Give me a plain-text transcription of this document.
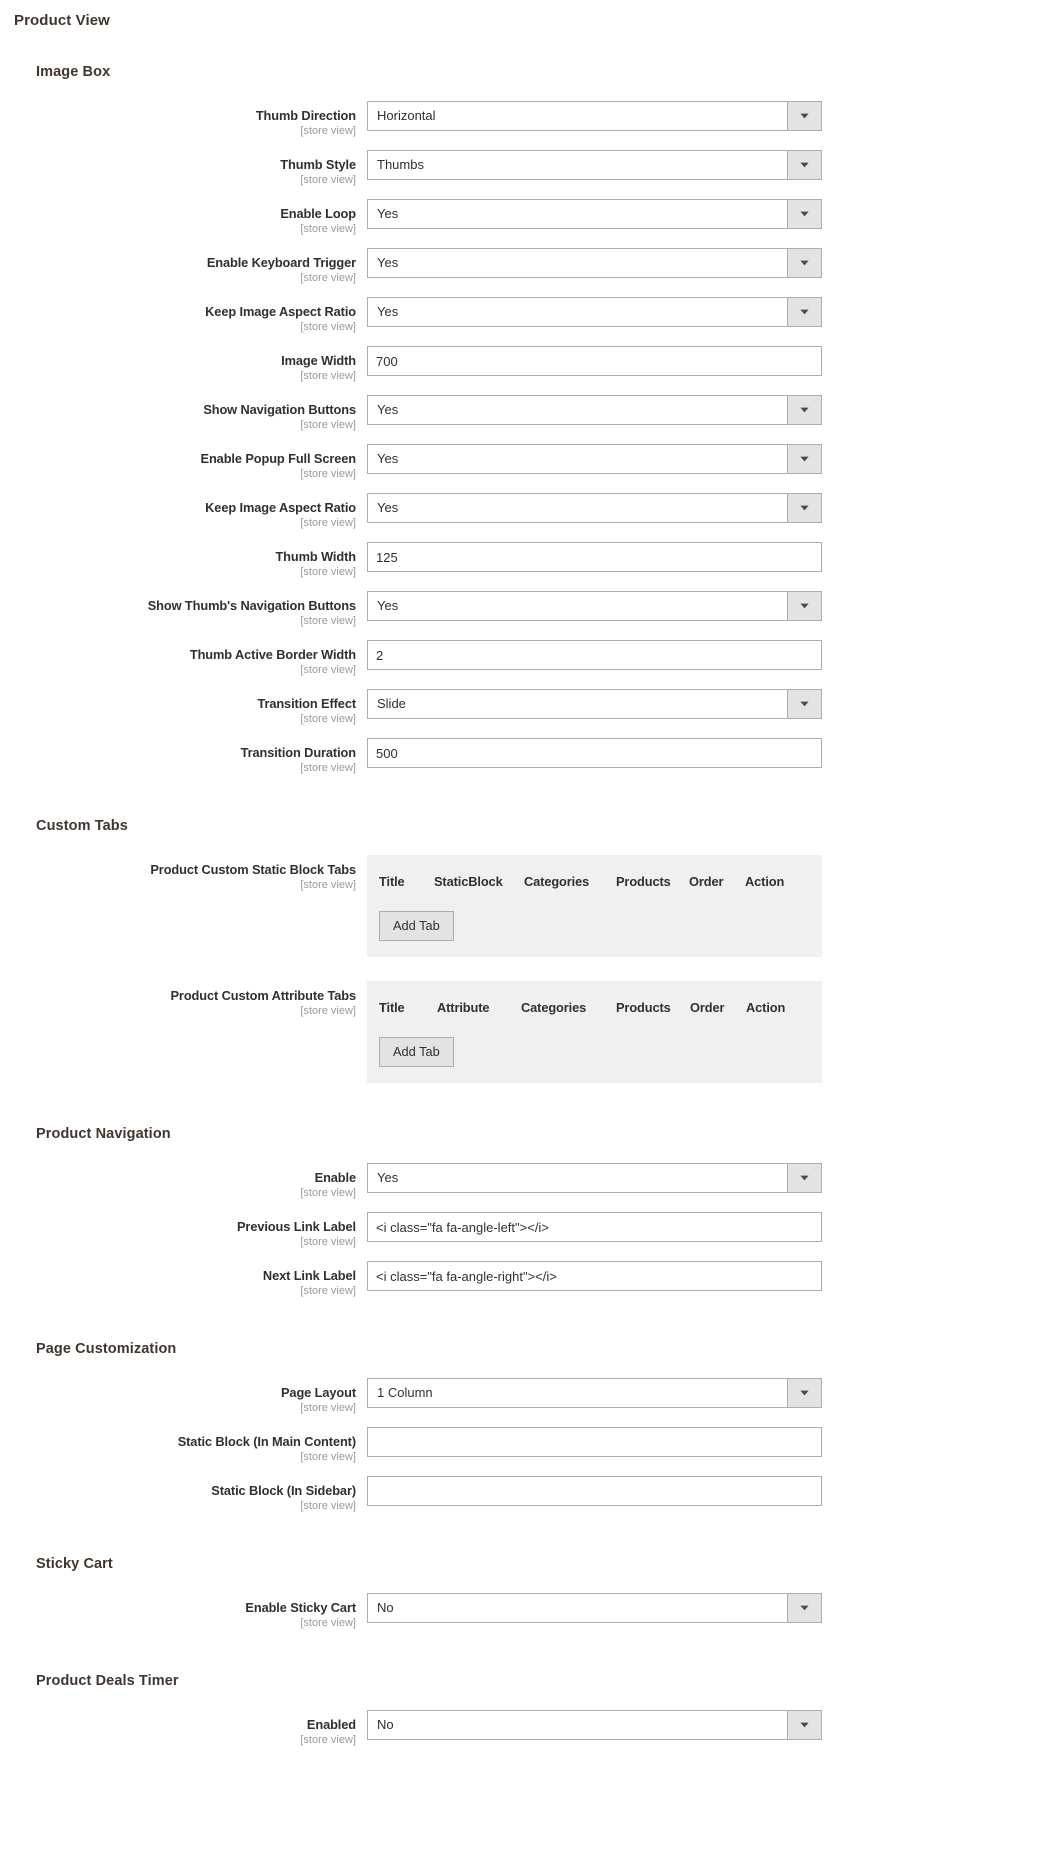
Product View
Image Box
Thumb Direction
[store view]
Horizontal
Thumb Style
[store view]
Thumbs
Enable Loop
[store view]
Yes
Enable Keyboard Trigger
[store view]
Yes
Keep Image Aspect Ratio
[store view]
Yes
Image Width
[store view]
700
Show Navigation Buttons
[store view]
Yes
Enable Popup Full Screen
[store view]
Yes
Keep Image Aspect Ratio
[store view]
Yes
Thumb Width
[store view]
125
Show Thumb's Navigation Buttons
[store view]
Yes
Thumb Active Border Width
[store view]
2
Transition Effect
[store view]
Slide
Transition Duration
[store view]
500
Custom Tabs
Product Custom Static Block Tabs
[store view] Title	StaticBlock	Categories	Products	Order	Action
Add Tab
Product Custom Attribute Tabs
[store view] Title	Attribute	Categories	Products	Order	Action
Add Tab
Product Navigation
Enable
[store view]
Yes
Previous Link Label
[store view]
<i class="fa fa-angle-left"></i>
Next Link Label
[store view]
<i class="fa fa-angle-right"></i>
Page Customization
Page Layout
[store view]
1 Column
Static Block (In Main Content)
[store view]
Static Block (In Sidebar)
[store view]
Sticky Cart
Enable Sticky Cart
[store view]
No
Product Deals Timer
Enabled
[store view]
No
